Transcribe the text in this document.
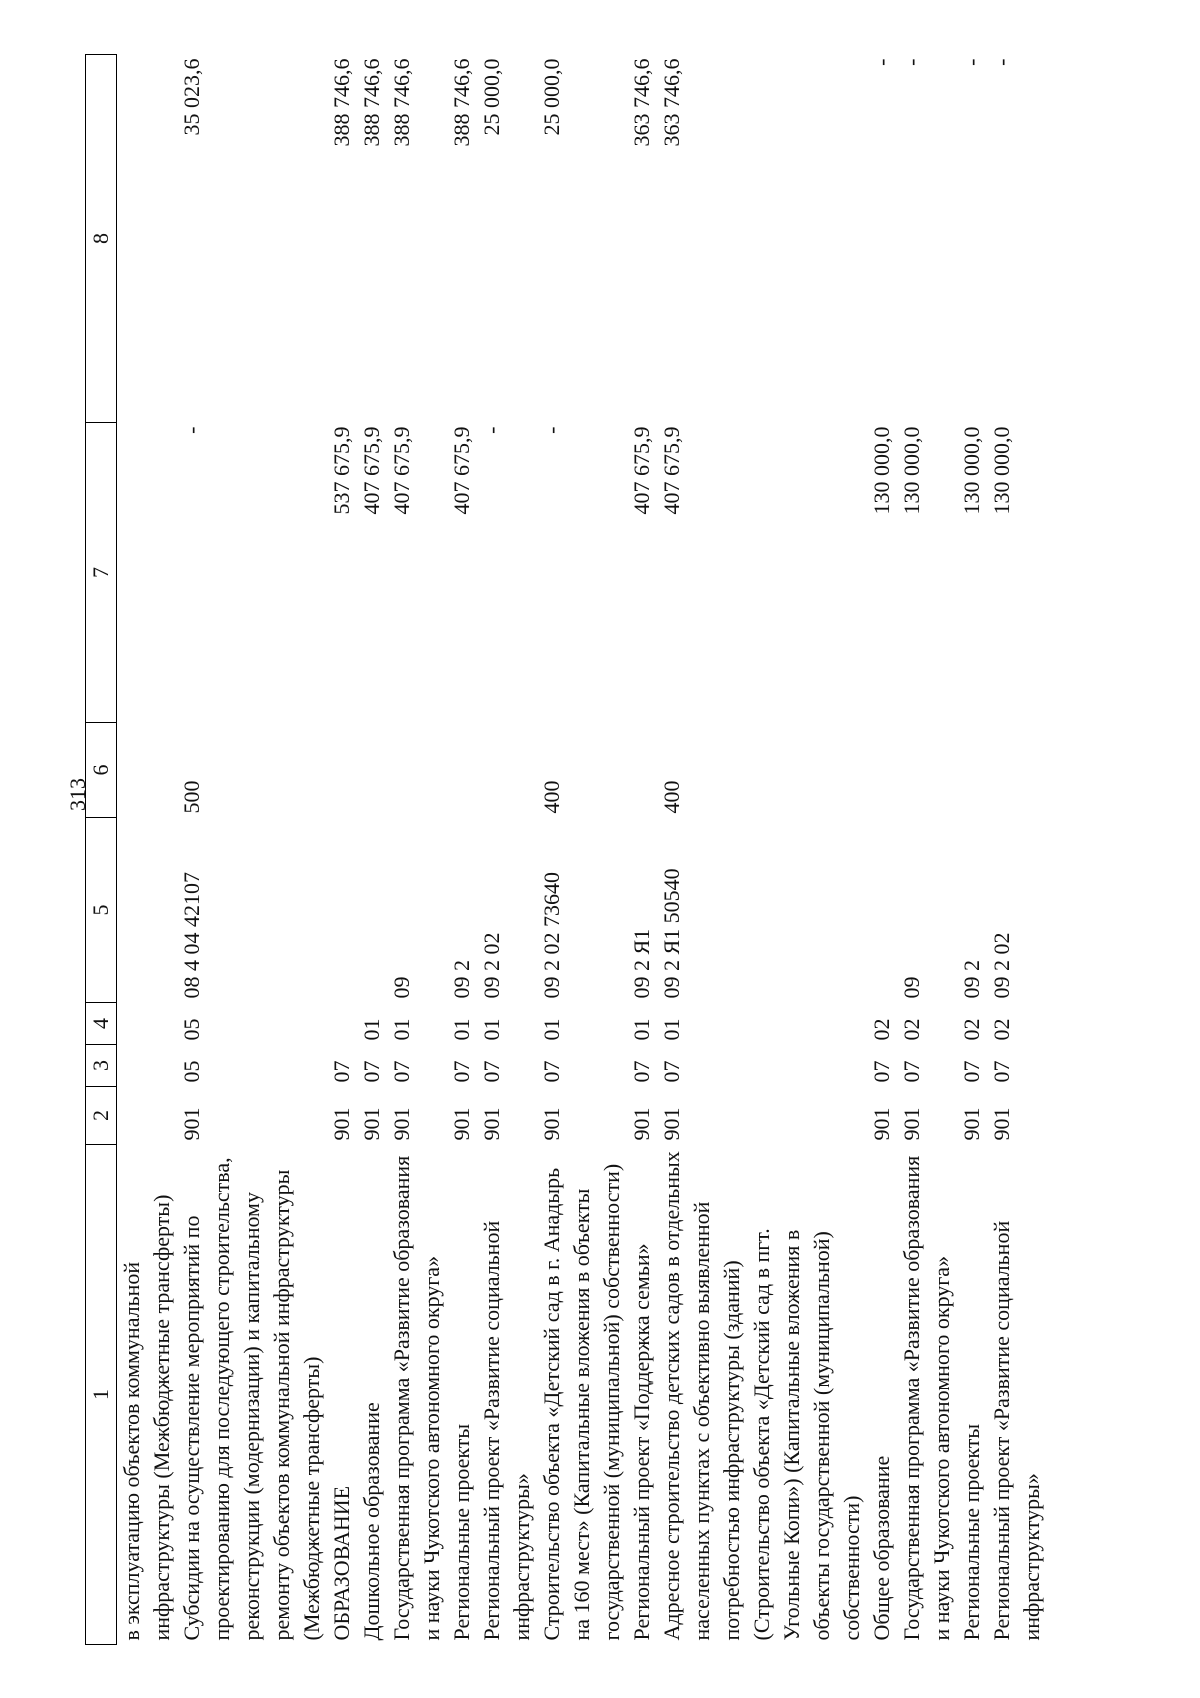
313
1	2	3	4	5	6	7	8
в эксплуатацию объектов коммунальной инфраструктуры (Межбюджетные трансферты)							
Субсидии на осуществление мероприятий по проектированию для последующего строительства, реконструкции (модернизации) и капитальному ремонту объектов коммунальной инфраструктуры (Межбюджетные трансферты)	901	05	05	08 4 04 42107	500	-	35 023,6
ОБРАЗОВАНИЕ	901	07				537 675,9	388 746,6
Дошкольное образование	901	07	01			407 675,9	388 746,6
Государственная программа «Развитие образования и науки Чукотского автономного округа»	901	07	01	09		407 675,9	388 746,6
Региональные проекты	901	07	01	09 2		407 675,9	388 746,6
Региональный проект «Развитие социальной инфраструктуры»	901	07	01	09 2 02		-	25 000,0
Строительство объекта «Детский сад в г. Анадырь на 160 мест» (Капитальные вложения в объекты государственной (муниципальной) собственности)	901	07	01	09 2 02 73640	400	-	25 000,0
Региональный проект «Поддержка семьи»	901	07	01	09 2 Я1		407 675,9	363 746,6
Адресное строительство детских садов в отдельных населенных пунктах с объективно выявленной потребностью инфраструктуры (зданий) (Строительство объекта «Детский сад в пгт. Угольные Копи») (Капитальные вложения в объекты государственной (муниципальной) собственности)	901	07	01	09 2 Я1 50540	400	407 675,9	363 746,6
Общее образование	901	07	02			130 000,0	-
Государственная программа «Развитие образования и науки Чукотского автономного округа»	901	07	02	09		130 000,0	-
Региональные проекты	901	07	02	09 2		130 000,0	-
Региональный проект «Развитие социальной инфраструктуры»	901	07	02	09 2 02		130 000,0	-
